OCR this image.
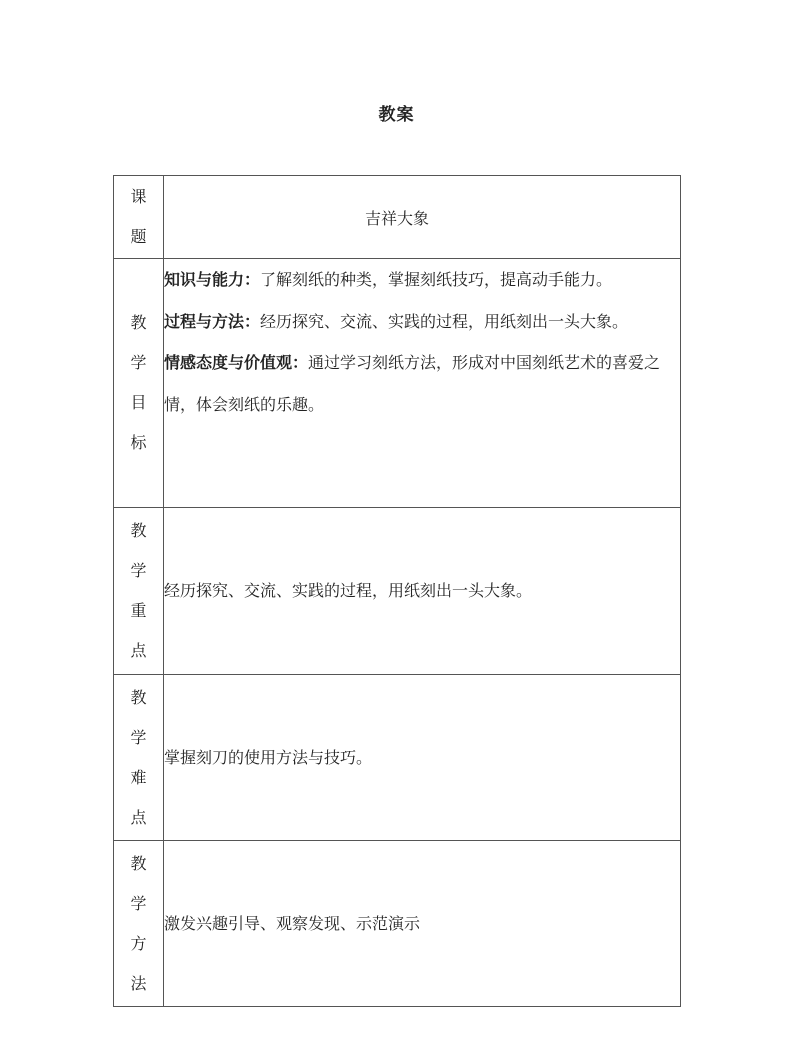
教案
课题	吉祥大象

教学目标	知识与能力：了解刻纸的种类，掌握刻纸技巧，提高动手能力。

过程与方法：经历探究、交流、实践的过程，用纸刻出一头大象。

情感态度与价值观：通过学习刻纸方法，形成对中国刻纸艺术的喜爱之情，体会刻纸的乐趣。

教学重点	经历探究、交流、实践的过程，用纸刻出一头大象。

教学难点	掌握刻刀的使用方法与技巧。

教学方法	激发兴趣引导、观察发现、示范演示
